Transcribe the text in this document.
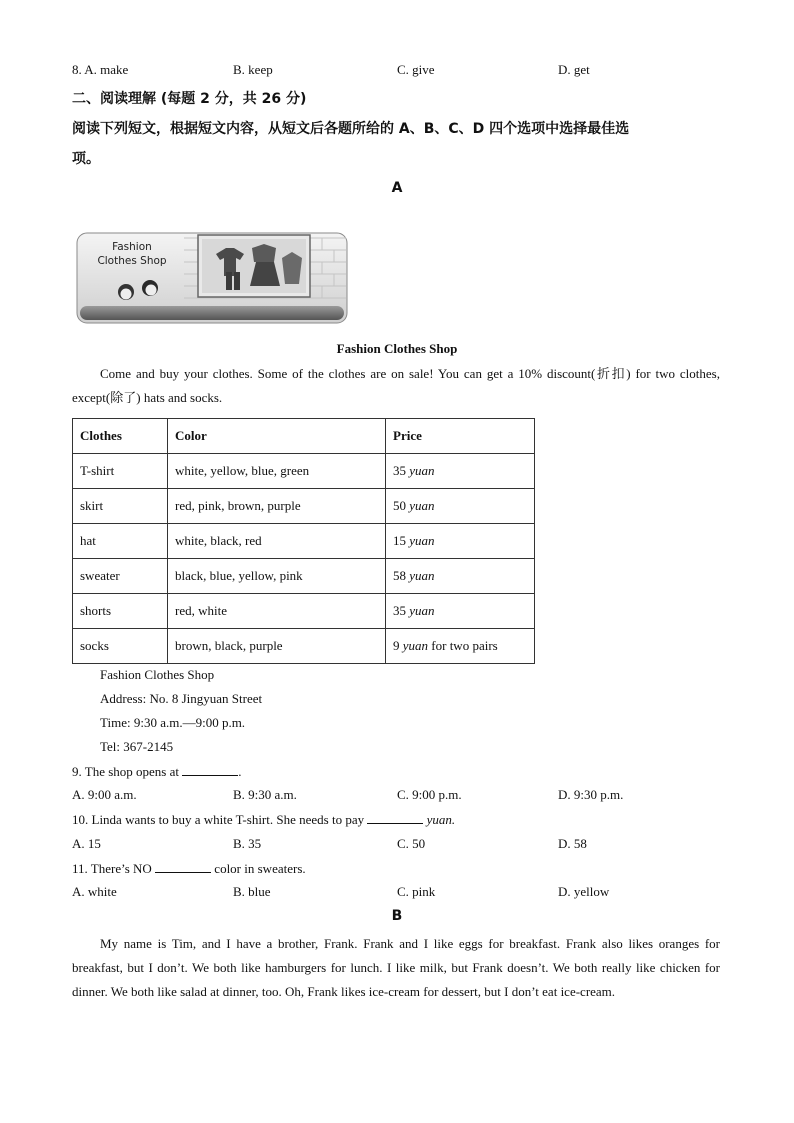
8. A. make	B. keep	C. give	D. get
二、阅读理解 (每题 2 分，共 26 分)
阅读下列短文，根据短文内容，从短文后各题所给的 A、B、C、D 四个选项中选择最佳选
项。
A
Fashion
Clothes Shop
Fashion Clothes Shop
Come and buy your clothes. Some of the clothes are on sale! You can get a 10% discount(折扣) for two clothes, except(除了) hats and socks.
Clothes	Color	Price
T-shirt	white, yellow, blue, green	35 yuan
skirt	red, pink, brown, purple	50 yuan
hat	white, black, red	15 yuan
sweater	black, blue, yellow, pink	58 yuan
shorts	red, white	35 yuan
socks	brown, black, purple	9 yuan for two pairs
Fashion Clothes Shop
Address: No. 8 Jingyuan Street
Time: 9:30 a.m.—9:00 p.m.
Tel: 367-2145
9. The shop opens at	.
A. 9:00 a.m.	B. 9:30 a.m.	C. 9:00 p.m.	D. 9:30 p.m.
10. Linda wants to buy a white T-shirt. She needs to pay	yuan.
A. 15	B. 35	C. 50	D. 58
11. There’s NO	color in sweaters.
A. white	B. blue	C. pink	D. yellow
B
My name is Tim, and I have a brother, Frank. Frank and I like eggs for breakfast. Frank also likes oranges for breakfast, but I don’t. We both like hamburgers for lunch. I like milk, but Frank doesn’t. We both really like chicken for dinner. We both like salad at dinner, too. Oh, Frank likes ice-cream for dessert, but I don’t eat ice-cream.
